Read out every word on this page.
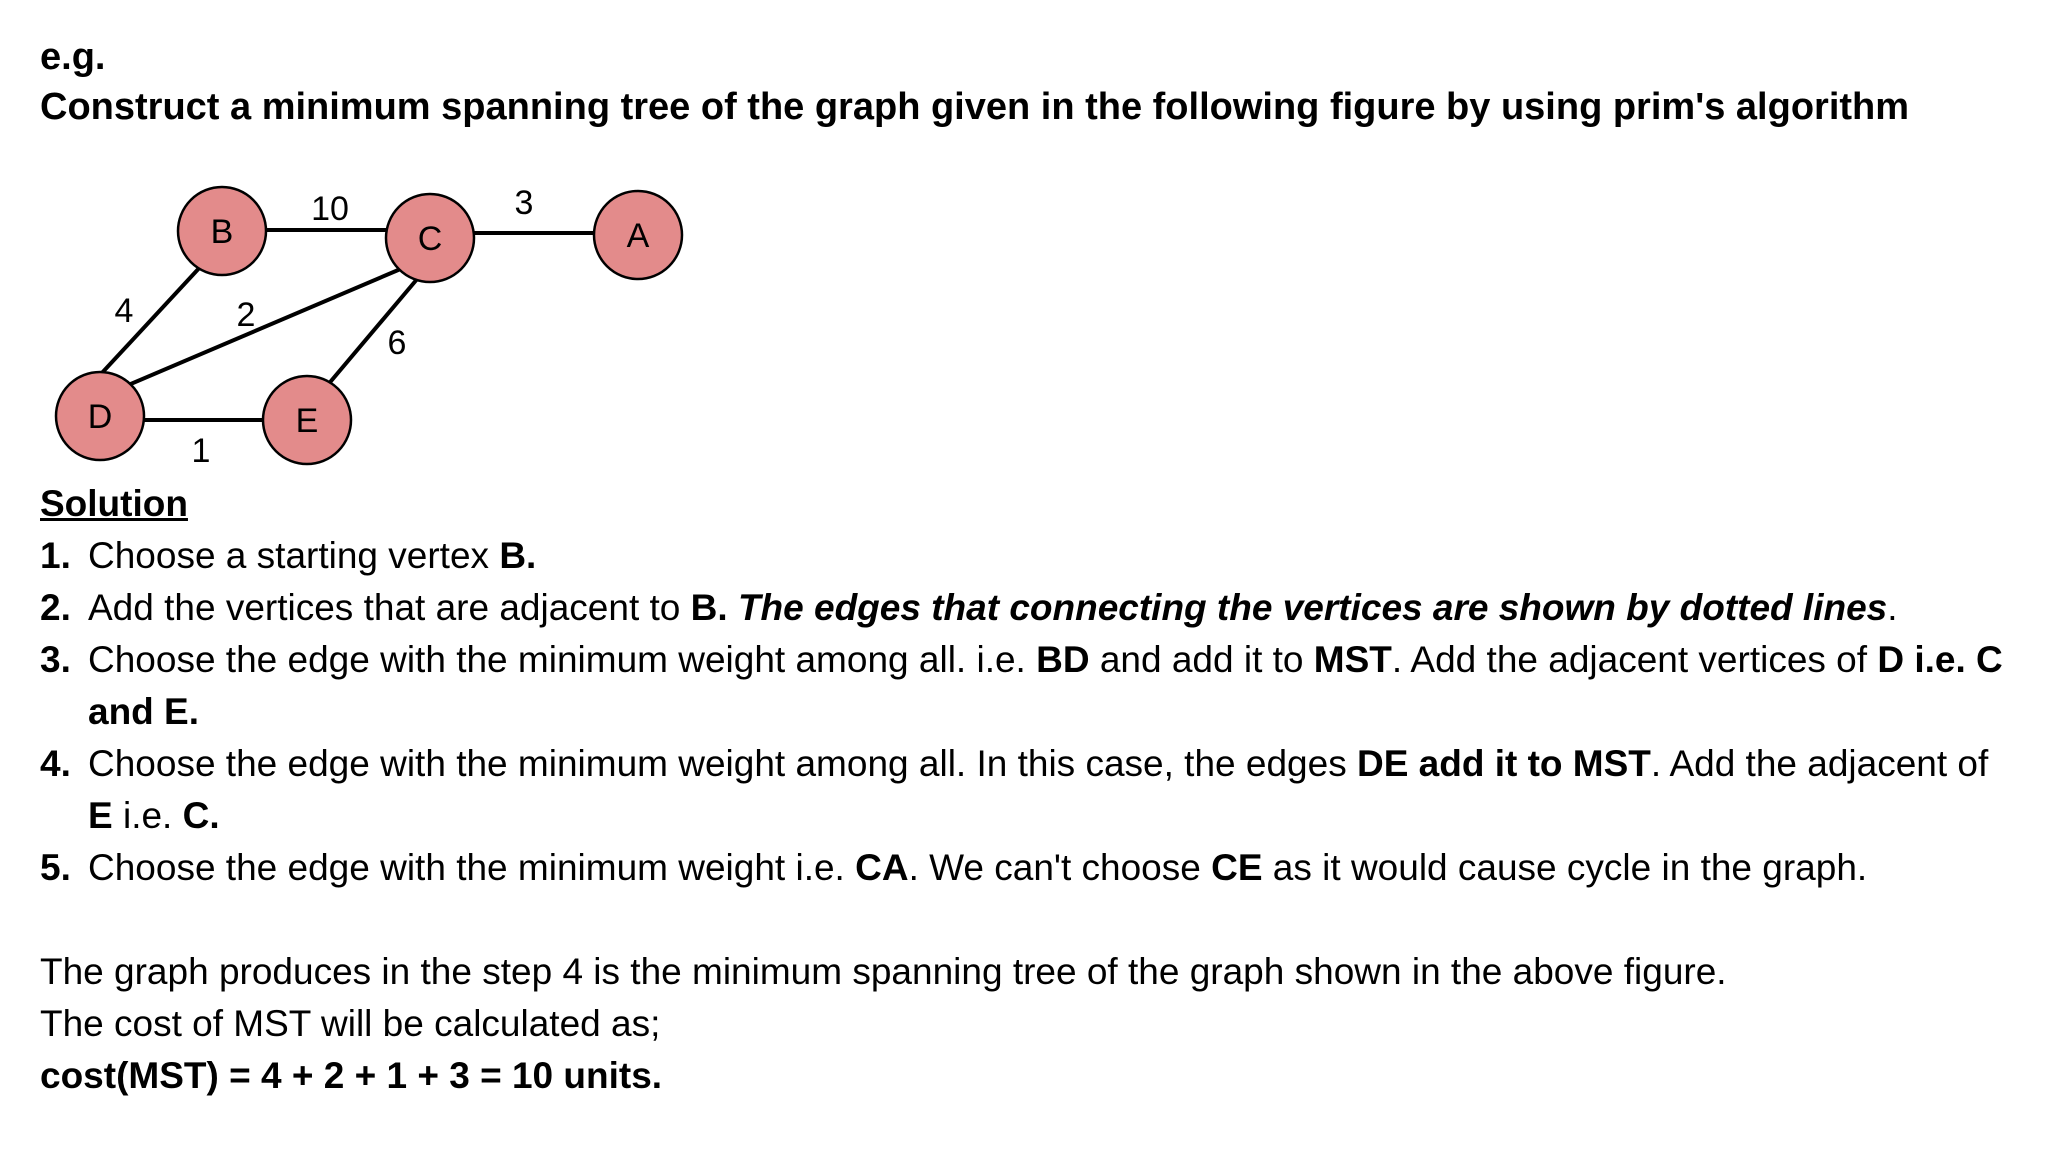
e.g.
Construct a minimum spanning tree of the graph given in the following figure by using prim's algorithm
10	3
4	2
6
1
B	C	A
D	E
Solution
1. Choose a starting vertex B.
2. Add the vertices that are adjacent to B. The edges that connecting the vertices are shown by dotted lines.
3. Choose the edge with the minimum weight among all. i.e. BD and add it to MST. Add the adjacent vertices of D i.e. C and E.
4. Choose the edge with the minimum weight among all. In this case, the edges DE add it to MST. Add the adjacent of E i.e. C.
5. Choose the edge with the minimum weight i.e. CA. We can't choose CE as it would cause cycle in the graph.
The graph produces in the step 4 is the minimum spanning tree of the graph shown in the above figure.
The cost of MST will be calculated as;
cost(MST) = 4 + 2 + 1 + 3 = 10 units.
